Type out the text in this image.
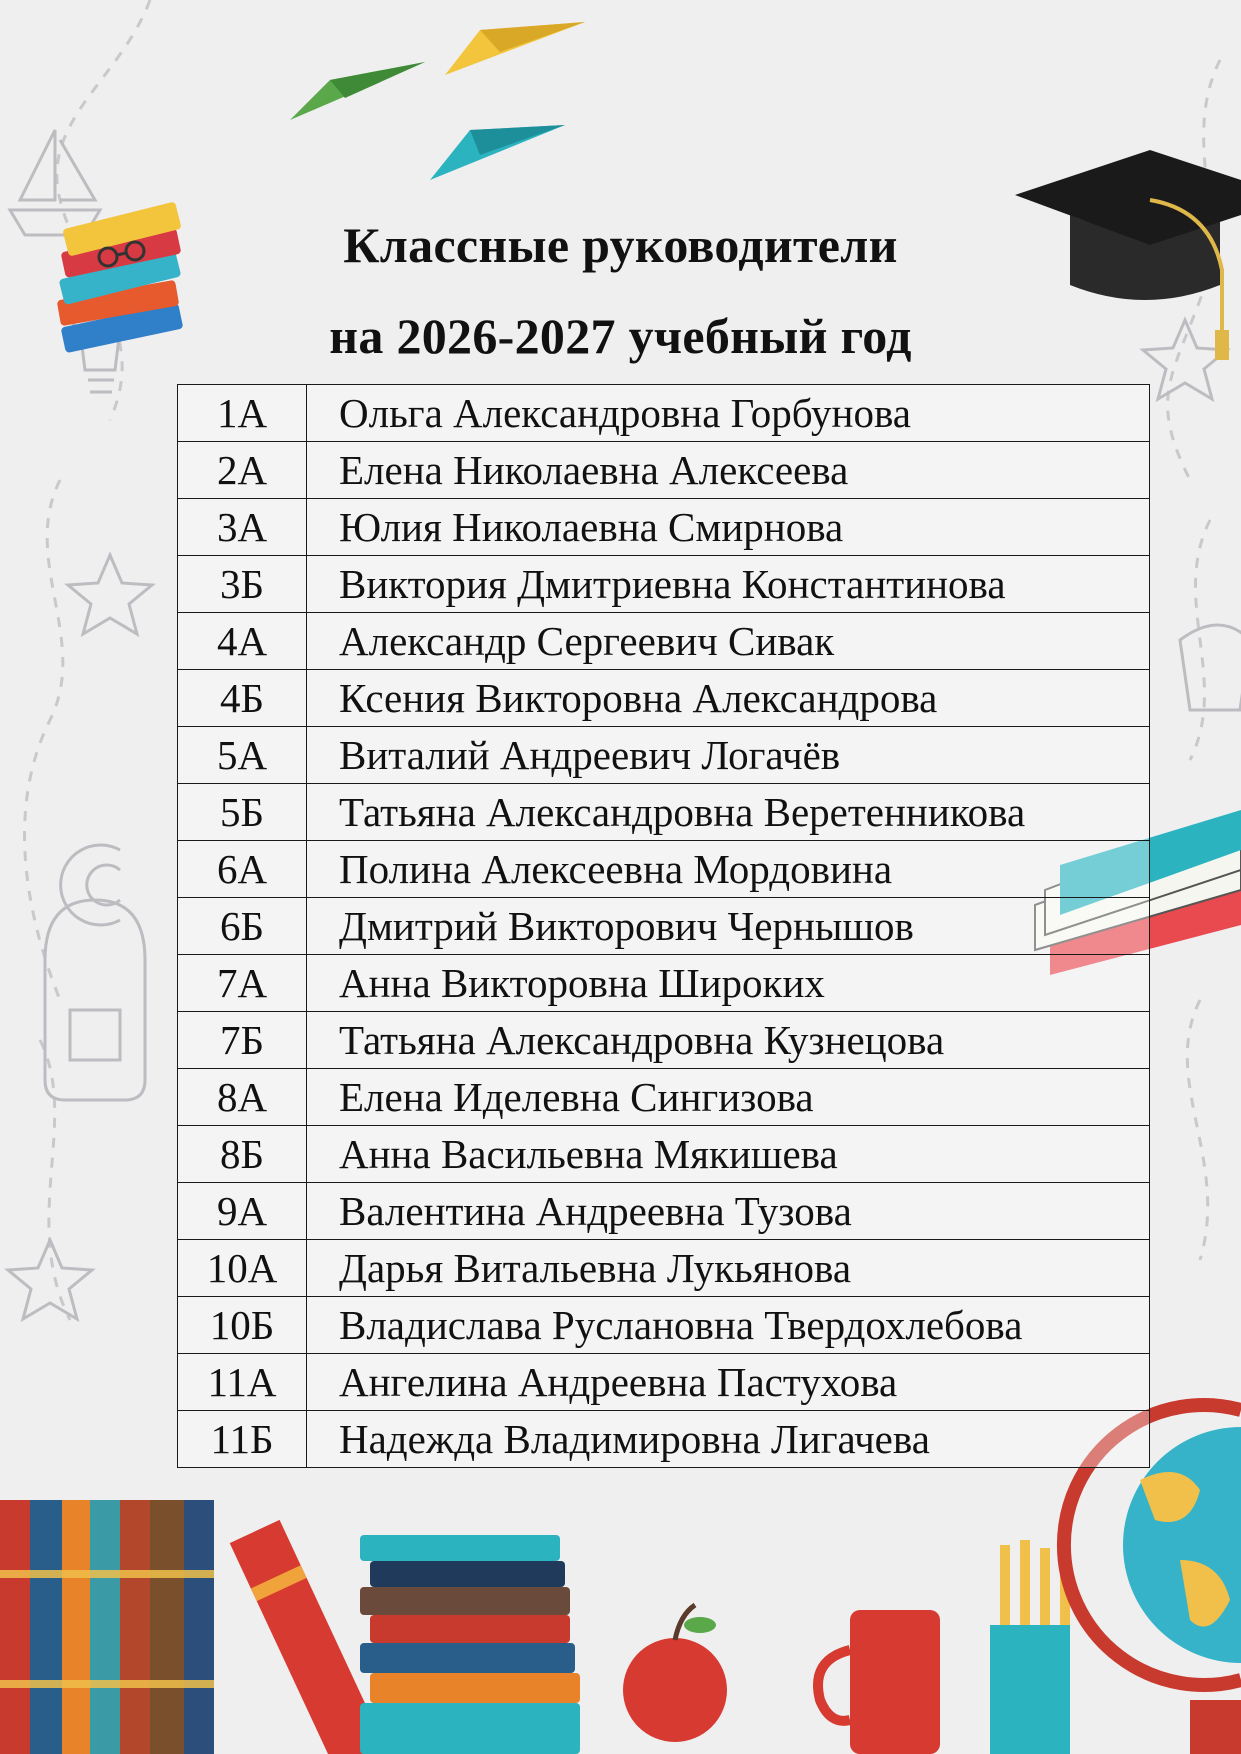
Классные руководители
на 2026-2027 учебный год
1А	Ольга Александровна Горбунова
2А	Елена Николаевна Алексеева
3А	Юлия Николаевна Смирнова
3Б	Виктория Дмитриевна Константинова
4А	Александр Сергеевич Сивак
4Б	Ксения Викторовна Александрова
5А	Виталий Андреевич Логачёв
5Б	Татьяна Александровна Веретенникова
6А	Полина Алексеевна Мордовина
6Б	Дмитрий Викторович Чернышов
7А	Анна Викторовна Широких
7Б	Татьяна Александровна Кузнецова
8А	Елена Иделевна Сингизова
8Б	Анна Васильевна Мякишева
9А	Валентина Андреевна Тузова
10А	Дарья Витальевна Лукьянова
10Б	Владислава Руслановна Твердохлебова
11А	Ангелина Андреевна Пастухова
11Б	Надежда Владимировна Лигачева
